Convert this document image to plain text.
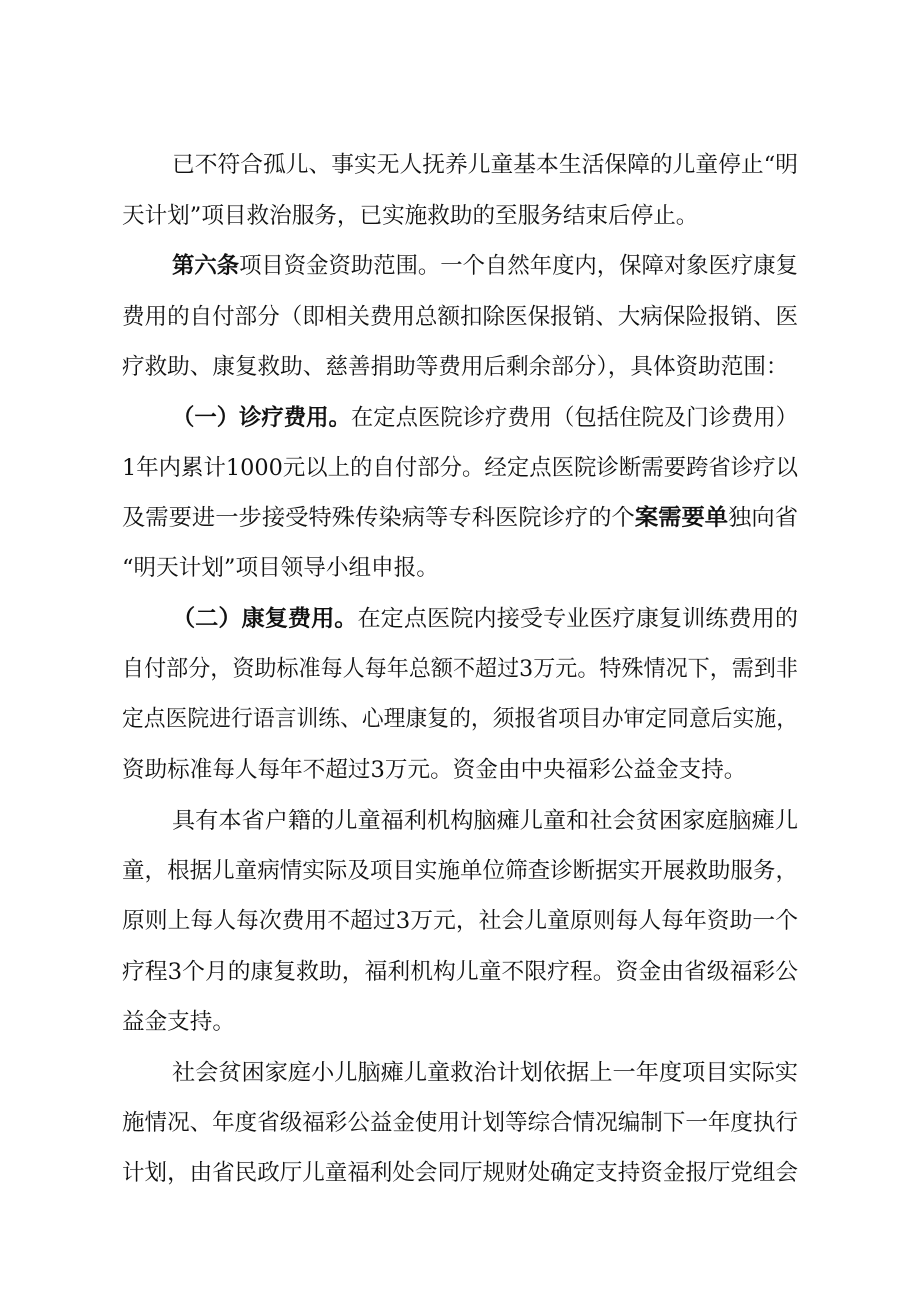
已不符合孤儿、事实无人抚养儿童基本生活保障的儿童停止“明
天计划”项目救治服务，已实施救助的至服务结束后停止。
第六条项目资金资助范围。一个自然年度内，保障对象医疗康复
费用的自付部分（即相关费用总额扣除医保报销、大病保险报销、医
疗救助、康复救助、慈善捐助等费用后剩余部分），具体资助范围：
（一）诊疗费用。在定点医院诊疗费用（包括住院及门诊费用）
1年内累计1000元以上的自付部分。经定点医院诊断需要跨省诊疗以
及需要进一步接受特殊传染病等专科医院诊疗的个案需要单独向省
“明天计划”项目领导小组申报。
（二）康复费用。在定点医院内接受专业医疗康复训练费用的
自付部分，资助标准每人每年总额不超过3万元。特殊情况下，需到非
定点医院进行语言训练、心理康复的，须报省项目办审定同意后实施，
资助标准每人每年不超过3万元。资金由中央福彩公益金支持。
具有本省户籍的儿童福利机构脑瘫儿童和社会贫困家庭脑瘫儿
童，根据儿童病情实际及项目实施单位筛查诊断据实开展救助服务，
原则上每人每次费用不超过3万元，社会儿童原则每人每年资助一个
疗程3个月的康复救助，福利机构儿童不限疗程。资金由省级福彩公
益金支持。
社会贫困家庭小儿脑瘫儿童救治计划依据上一年度项目实际实
施情况、年度省级福彩公益金使用计划等综合情况编制下一年度执行
计划，由省民政厅儿童福利处会同厅规财处确定支持资金报厅党组会
